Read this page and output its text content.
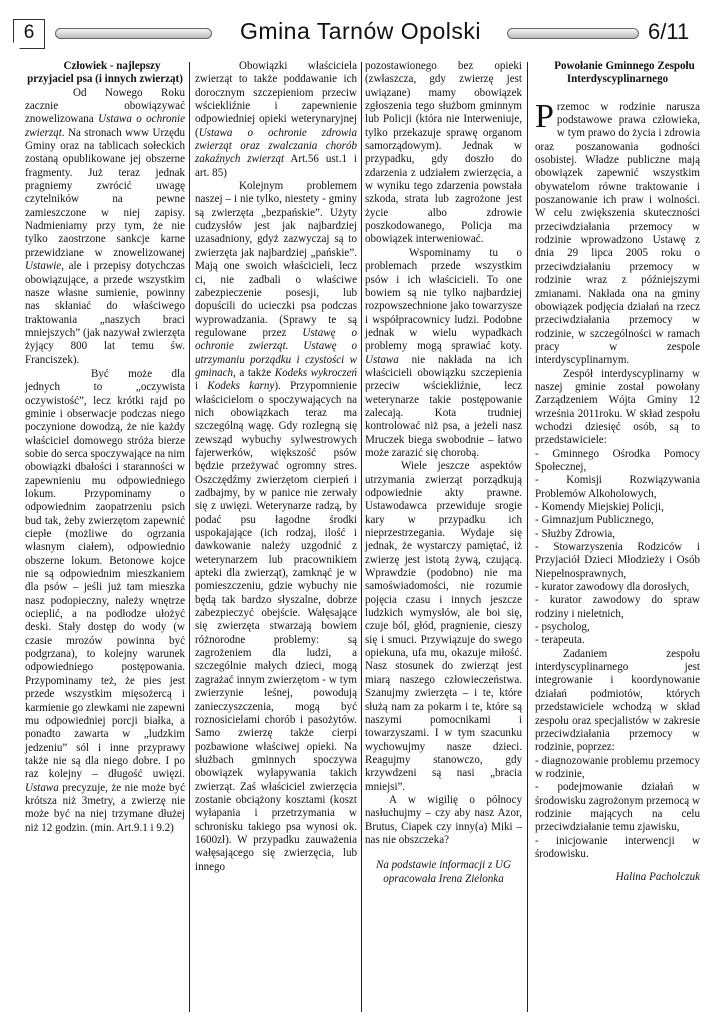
6	Gmina Tarnów Opolski	6/11

Człowiek - najlepszy przyjaciel psa (i innych zwierząt)

Od Nowego Roku zacznie obowiązywać znowelizowana Ustawa o ochronie zwierząt. Na stronach www Urzędu Gminy oraz na tablicach sołeckich zostaną opublikowane jej obszerne fragmenty. Już teraz jednak pragniemy zwrócić uwagę czytelników na pewne zamieszczone w niej zapisy. Nadmieniamy przy tym, że nie tylko zaostrzone sankcje karne przewidziane w znowelizowanej Ustawie, ale i przepisy dotychczas obowiązujące, a przede wszystkim nasze własne sumienie, powinny nas skłaniać do właściwego traktowania „naszych braci mniejszych” (jak nazywał zwierzęta żyjący 800 lat temu św. Franciszek).

Być może dla jednych to „oczywista oczywistość”, lecz krótki rajd po gminie i obserwacje podczas niego poczynione dowodzą, że nie każdy właściciel domowego stróża bierze sobie do serca spoczywające na nim obowiązki dbałości i staranności w zapewnieniu mu odpowiedniego lokum. Przypominamy o odpowiednim zaopatrzeniu psich bud tak, żeby zwierzętom zapewnić ciepłe (możliwe do ogrzania własnym ciałem), odpowiednio obszerne lokum. Betonowe kojce nie są odpowiednim mieszkaniem dla psów – jeśli już tam mieszka nasz podopieczny, należy wnętrze ocieplić, a na podłodze ułożyć deski. Stały dostęp do wody (w czasie mrozów powinna być podgrzana), to kolejny warunek odpowiedniego postępowania. Przypominamy też, że pies jest przede wszystkim mięsożercą i karmienie go zlewkami nie zapewni mu odpowiedniej porcji białka, a ponadto zawarta w „ludzkim jedzeniu” sól i inne przyprawy także nie są dla niego dobre. I po raz kolejny – długość uwięzi. Ustawa precyzuje, że nie może być krótsza niż 3metry, a zwierzę nie może być na niej trzymane dłużej niż 12 godzin. (min. Art.9.1 i 9.2)

Obowiązki właściciela zwierząt to także poddawanie ich dorocznym szczepieniom przeciw wściekliźnie i zapewnienie odpowiedniej opieki weterynaryjnej (Ustawa o ochronie zdrowia zwierząt oraz zwalczania chorób zakaźnych zwierząt Art.56 ust.1 i art. 85)

Kolejnym problemem naszej – i nie tylko, niestety - gminy są zwierzęta „bezpańskie”. Użyty cudzysłów jest jak najbardziej uzasadniony, gdyż zazwyczaj są to zwierzęta jak najbardziej „pańskie”. Mają one swoich właścicieli, lecz ci, nie zadbali o właściwe zabezpieczenie posesji, lub dopuścili do ucieczki psa podczas wyprowadzania. (Sprawy te są regulowane przez Ustawę o ochronie zwierząt. Ustawę o utrzymaniu porządku i czystości w gminach, a także Kodeks wykroczeń i Kodeks karny). Przypomnienie właścicielom o spoczywających na nich obowiązkach teraz ma szczególną wagę. Gdy rozlegną się zewsząd wybuchy sylwestrowych fajerwerków, większość psów będzie przeżywać ogromny stres. Oszczędźmy zwierzętom cierpień i zadbajmy, by w panice nie zerwały się z uwięzi. Weterynarze radzą, by podać psu łagodne środki uspokajające (ich rodzaj, ilość i dawkowanie należy uzgodnić z weterynarzem lub pracownikiem apteki dla zwierząt), zamknąć je w pomieszczeniu, gdzie wybuchy nie będą tak bardzo słyszalne, dobrze zabezpieczyć obejście. Wałęsające się zwierzęta stwarzają bowiem różnorodne problemy: są zagrożeniem dla ludzi, a szczególnie małych dzieci, mogą zagrażać innym zwierzętom - w tym zwierzynie leśnej, powodują zanieczyszczenia, mogą być roznosicielami chorób i pasożytów. Samo zwierzę także cierpi pozbawione właściwej opieki. Na służbach gminnych spoczywa obowiązek wyłapywania takich zwierząt. Zaś właściciel zwierzęcia zostanie obciążony kosztami (koszt wyłapania i przetrzymania w schronisku takiego psa wynosi ok. 1600zł). W przypadku zauważenia wałęsającego się zwierzęcia, lub innego

pozostawionego bez opieki (zwłaszcza, gdy zwierzę jest uwiązane) mamy obowiązek zgłoszenia tego służbom gminnym lub Policji (która nie Interweniuje, tylko przekazuje sprawę organom samorządowym). Jednak w przypadku, gdy doszło do zdarzenia z udziałem zwierzęcia, a w wyniku tego zdarzenia powstała szkoda, strata lub zagrożone jest życie albo zdrowie poszkodowanego, Policja ma obowiązek interweniować.

Wspominamy tu o problemach przede wszystkim psów i ich właścicieli. To one bowiem są nie tylko najbardziej rozpowszechnione jako towarzysze i współpracownicy ludzi. Podobne jednak w wielu wypadkach problemy mogą sprawiać koty. Ustawa nie nakłada na ich właścicieli obowiązku szczepienia przeciw wściekliźnie, lecz weterynarze takie postępowanie zalecają. Kota trudniej kontrolować niż psa, a jeżeli nasz Mruczek biega swobodnie – łatwo może zarazić się chorobą.

Wiele jeszcze aspektów utrzymania zwierząt porządkują odpowiednie akty prawne. Ustawodawca przewiduje srogie kary w przypadku ich nieprzestrzegania. Wydaje się jednak, że wystarczy pamiętać, iż zwierzę jest istotą żywą, czującą. Wprawdzie (podobno) nie ma samoświadomości, nie rozumie pojęcia czasu i innych jeszcze ludzkich wymysłów, ale boi się, czuje ból, głód, pragnienie, cieszy się i smuci. Przywiązuje do swego opiekuna, ufa mu, okazuje miłość. Nasz stosunek do zwierząt jest miarą naszego człowieczeństwa. Szanujmy zwierzęta – i te, które służą nam za pokarm i te, które są naszymi pomocnikami i towarzyszami. I w tym szacunku wychowujmy nasze dzieci. Reagujmy stanowczo, gdy krzywdzeni są nasi „bracia mniejsi”.

A w wigilię o północy nasłuchujmy – czy aby nasz Azor, Brutus, Ciapek czy inny(a) Miki – nas nie obszczeka?

Na podstawie informacji z UG opracowała Irena Zielonka

Powołanie Gminnego Zespołu Interdyscyplinarnego

Przemoc w rodzinie narusza podstawowe prawa człowieka, w tym prawo do życia i zdrowia oraz poszanowania godności osobistej. Władze publiczne mają obowiązek zapewnić wszystkim obywatelom równe traktowanie i poszanowanie ich praw i wolności. W celu zwiększenia skuteczności przeciwdziałania przemocy w rodzinie wprowadzono Ustawę z dnia 29 lipca 2005 roku o przeciwdziałaniu przemocy w rodzinie wraz z późniejszymi zmianami. Nakłada ona na gminy obowiązek podjęcia działań na rzecz przeciwdziałania przemocy w rodzinie, w szczególności w ramach pracy w zespole interdyscyplinarnym.

Zespół interdyscyplinarny w naszej gminie został powołany Zarządzeniem Wójta Gminy 12 września 2011roku. W skład zespołu wchodzi dziesięć osób, są to przedstawiciele:

- Gminnego Ośrodka Pomocy Społecznej,

- Komisji Rozwiązywania Problemów Alkoholowych,

- Komendy Miejskiej Policji,

- Gimnazjum Publicznego,

- Służby Zdrowia,

- Stowarzyszenia Rodziców i Przyjaciół Dzieci Młodzieży i Osób Niepełnosprawnych,

- kurator zawodowy dla dorosłych,

- kurator zawodowy do spraw rodziny i nieletnich,

- psycholog,

- terapeuta.

Zadaniem zespołu interdyscyplinarnego jest integrowanie i koordynowanie działań podmiotów, których przedstawiciele wchodzą w skład zespołu oraz specjalistów w zakresie przeciwdziałania przemocy w rodzinie, poprzez:

- diagnozowanie problemu przemocy w rodzinie,

- podejmowanie działań w środowisku zagrożonym przemocą w rodzinie mających na celu przeciwdziałanie temu zjawisku,

- inicjowanie interwencji w środowisku.

Halina Pacholczuk
